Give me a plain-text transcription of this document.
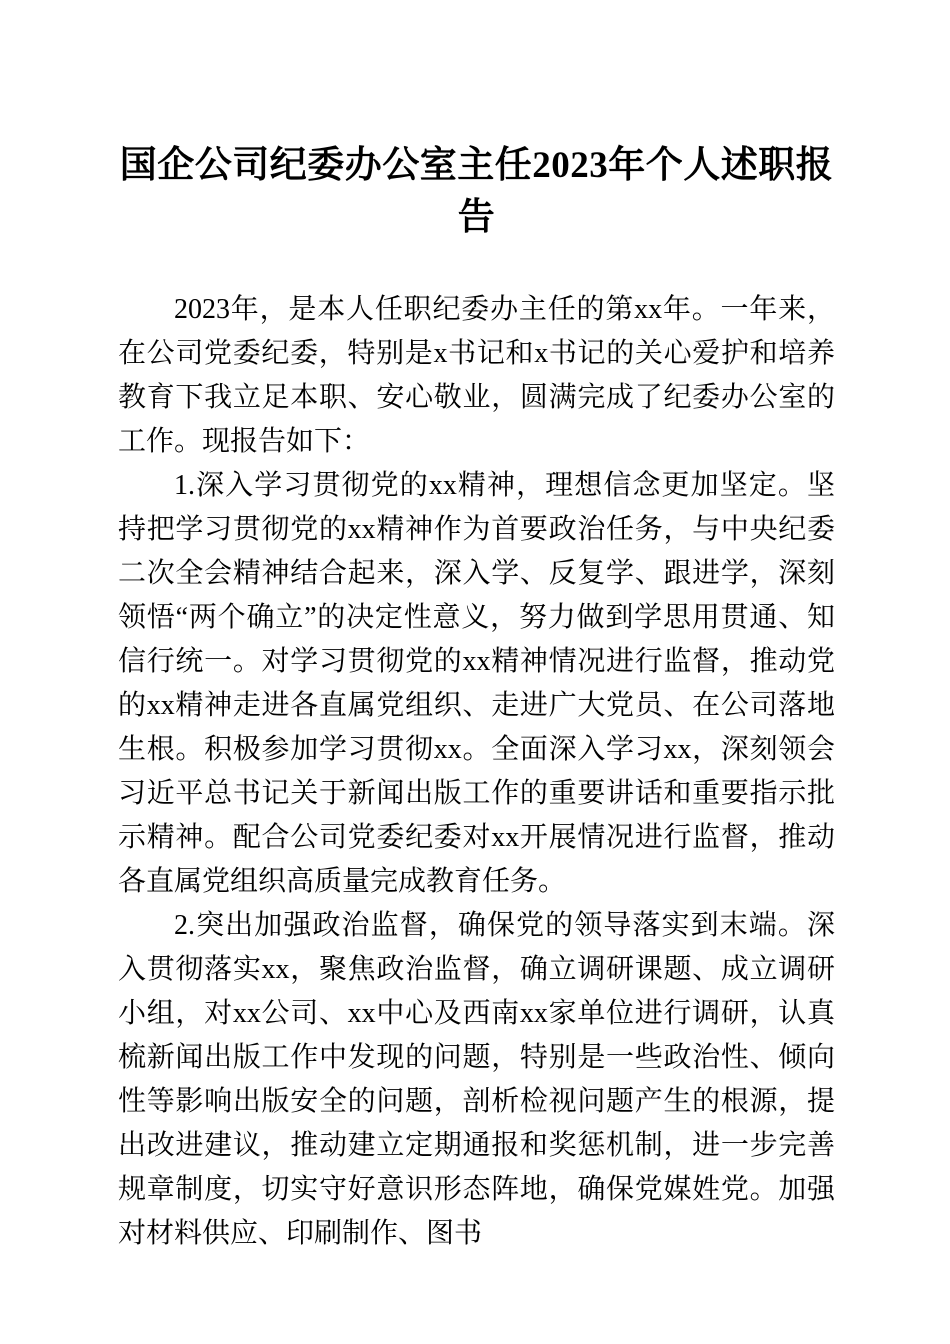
国企公司纪委办公室主任2023年个人述职报告

2023年，是本人任职纪委办主任的第xx年。一年来，在公司党委纪委，特别是x书记和x书记的关心爱护和培养教育下我立足本职、安心敬业，圆满完成了纪委办公室的工作。现报告如下：

1.深入学习贯彻党的xx精神，理想信念更加坚定。坚持把学习贯彻党的xx精神作为首要政治任务，与中央纪委二次全会精神结合起来，深入学、反复学、跟进学，深刻领悟“两个确立”的决定性意义，努力做到学思用贯通、知信行统一。对学习贯彻党的xx精神情况进行监督，推动党的xx精神走进各直属党组织、走进广大党员、在公司落地生根。积极参加学习贯彻xx。全面深入学习xx，深刻领会习近平总书记关于新闻出版工作的重要讲话和重要指示批示精神。配合公司党委纪委对xx开展情况进行监督，推动各直属党组织高质量完成教育任务。

2.突出加强政治监督，确保党的领导落实到末端。深入贯彻落实xx，聚焦政治监督，确立调研课题、成立调研小组，对xx公司、xx中心及西南xx家单位进行调研，认真梳新闻出版工作中发现的问题，特别是一些政治性、倾向性等影响出版安全的问题，剖析检视问题产生的根源，提出改进建议，推动建立定期通报和奖惩机制，进一步完善规章制度，切实守好意识形态阵地，确保党媒姓党。加强对材料供应、印刷制作、图书
